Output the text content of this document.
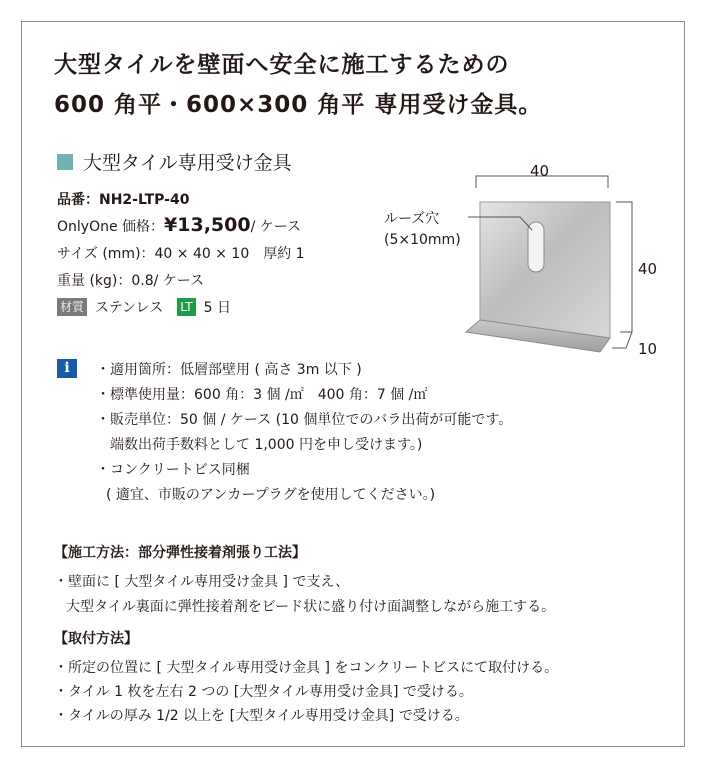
大型タイルを壁面へ安全に施工するための
600 角平・600×300 角平 専用受け金具。
大型タイル専用受け金具
品番：NH2-LTP-40
OnlyOne 価格：¥13,500/ ケース
サイズ (mm)：40 × 40 × 10　厚約 1
重量 (kg)：0.8/ ケース
材質 ステンレス LT 5 日
40
40
10
ルーズ穴
(5×10mm)
i	・適用箇所：低層部壁用 ( 高さ 3m 以下 )
・標準使用量：600 角：3 個 /㎡　400 角：7 個 /㎡
・販売単位：50 個 / ケース (10 個単位でのバラ出荷が可能です。
端数出荷手数料として 1,000 円を申し受けます。)
・コンクリートビス同梱
( 適宜、市販のアンカープラグを使用してください。)
【施工方法：部分弾性接着剤張り工法】
・壁面に [ 大型タイル専用受け金具 ] で支え、
大型タイル裏面に弾性接着剤をビード状に盛り付け面調整しながら施工する。
【取付方法】
・所定の位置に [ 大型タイル専用受け金具 ] をコンクリートビスにて取付ける。
・タイル 1 枚を左右 2 つの [大型タイル専用受け金具] で受ける。
・タイルの厚み 1/2 以上を [大型タイル専用受け金具] で受ける。
